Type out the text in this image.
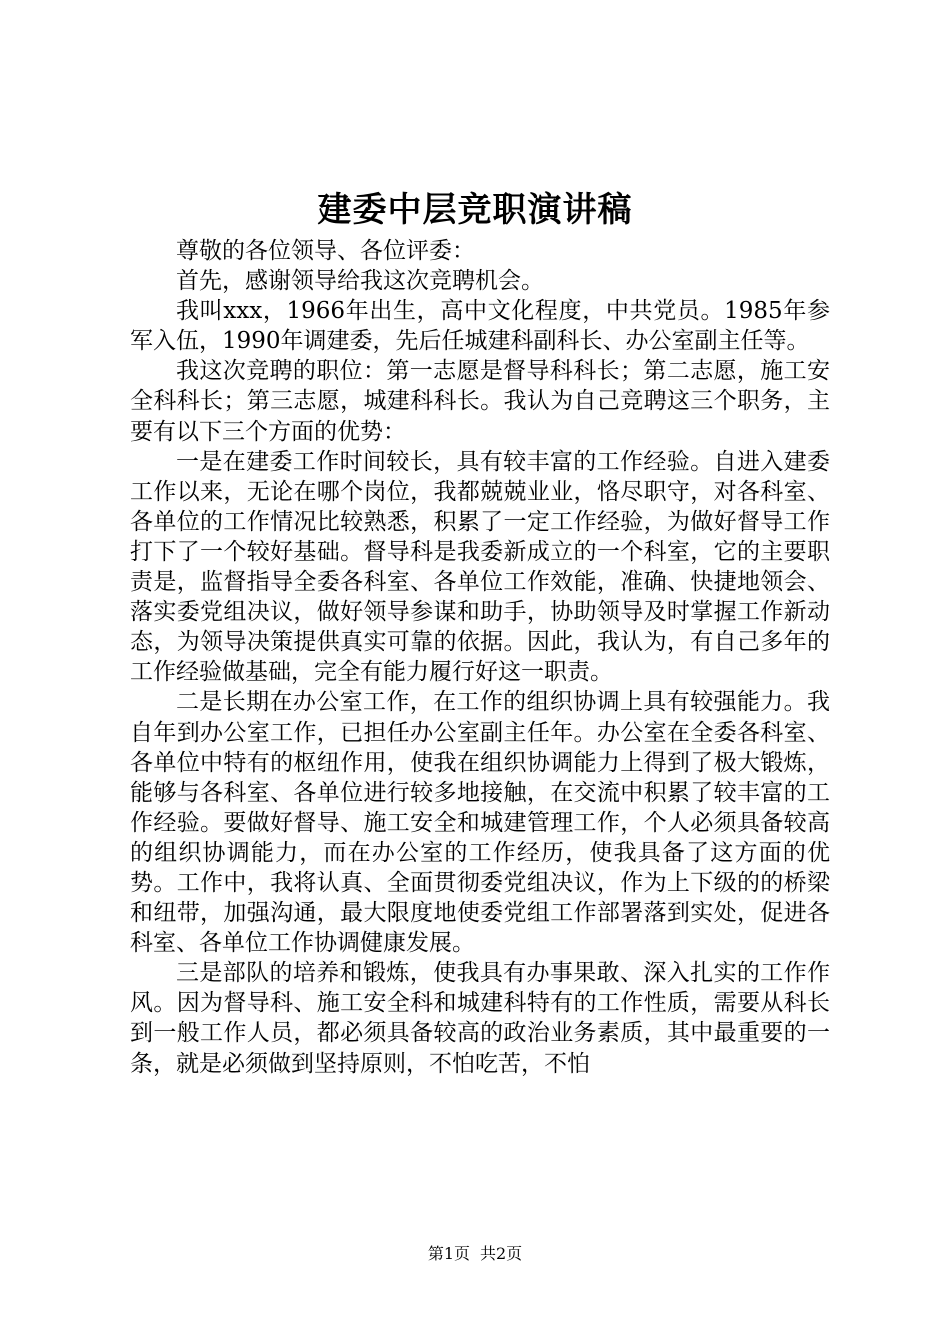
建委中层竞职演讲稿

尊敬的各位领导、各位评委：

首先，感谢领导给我这次竞聘机会。

我叫xxx，1966年出生，高中文化程度，中共党员。1985年参军入伍，1990年调建委，先后任城建科副科长、办公室副主任等。

我这次竞聘的职位：第一志愿是督导科科长；第二志愿，施工安全科科长；第三志愿，城建科科长。我认为自己竞聘这三个职务，主要有以下三个方面的优势：

一是在建委工作时间较长，具有较丰富的工作经验。自进入建委工作以来，无论在哪个岗位，我都兢兢业业，恪尽职守，对各科室、各单位的工作情况比较熟悉，积累了一定工作经验，为做好督导工作打下了一个较好基础。督导科是我委新成立的一个科室，它的主要职责是，监督指导全委各科室、各单位工作效能，准确、快捷地领会、落实委党组决议，做好领导参谋和助手，协助领导及时掌握工作新动态，为领导决策提供真实可靠的依据。因此，我认为，有自己多年的工作经验做基础，完全有能力履行好这一职责。

二是长期在办公室工作，在工作的组织协调上具有较强能力。我自年到办公室工作，已担任办公室副主任年。办公室在全委各科室、各单位中特有的枢纽作用，使我在组织协调能力上得到了极大锻炼，能够与各科室、各单位进行较多地接触，在交流中积累了较丰富的工作经验。要做好督导、施工安全和城建管理工作，个人必须具备较高的组织协调能力，而在办公室的工作经历，使我具备了这方面的优势。工作中，我将认真、全面贯彻委党组决议，作为上下级的的桥梁和纽带，加强沟通，最大限度地使委党组工作部署落到实处，促进各科室、各单位工作协调健康发展。

三是部队的培养和锻炼，使我具有办事果敢、深入扎实的工作作风。因为督导科、施工安全科和城建科特有的工作性质，需要从科长到一般工作人员，都必须具备较高的政治业务素质，其中最重要的一条，就是必须做到坚持原则，不怕吃苦，不怕

第1页 共2页
